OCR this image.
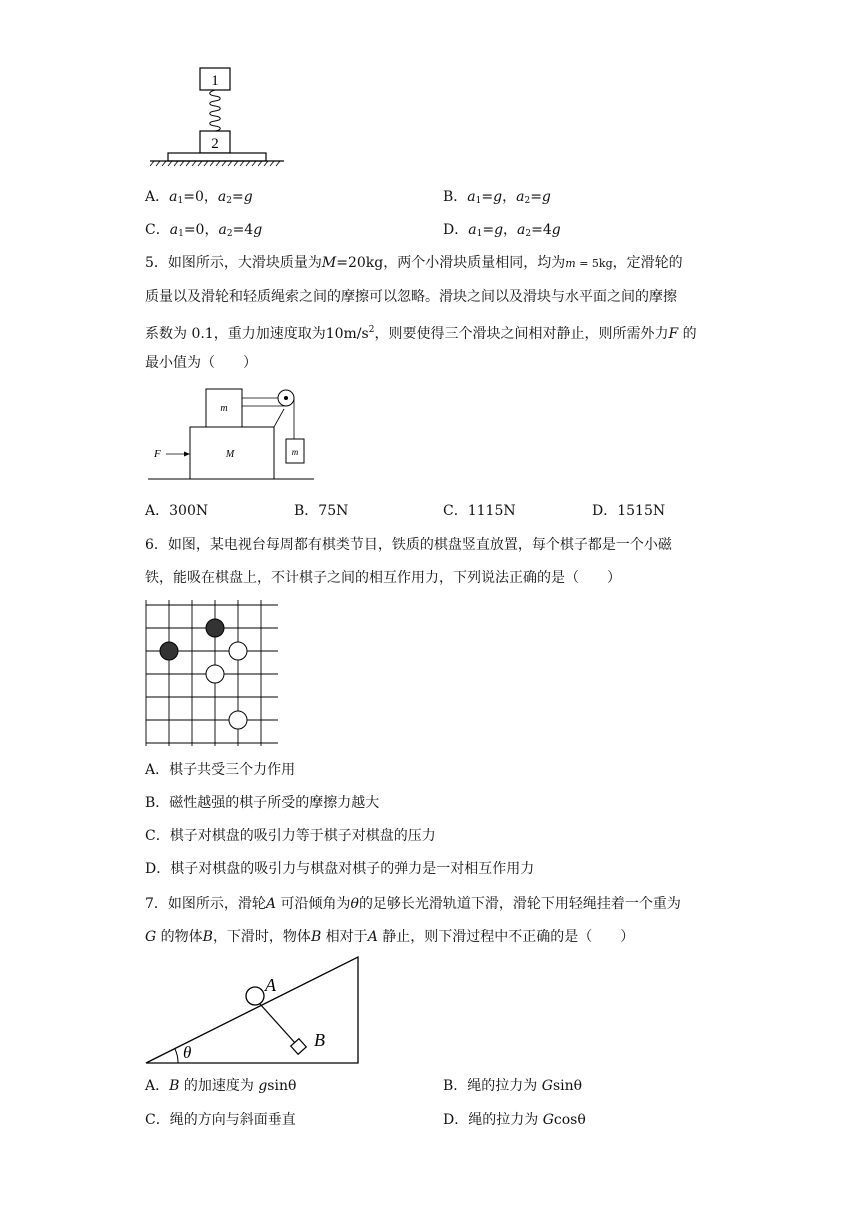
1
2
A．$a_1=0$，$a_2=g$	B．$a_1=g$，$a_2=g$
C．$a_1=0$，$a_2=4g$	D．$a_1=g$，$a_2=4g$
5．如图所示，大滑块质量为M=20kg，两个小滑块质量相同，均为m = 5kg，定滑轮的
质量以及滑轮和轻质绳索之间的摩擦可以忽略。滑块之间以及滑块与水平面之间的摩擦
系数为 0.1，重力加速度取为$10m/s^2$，则要使得三个滑块之间相对静止，则所需外力F 的
最小值为（　　）
m
M	m
F
A．300N	B．75N	C．1115N	D．1515N
6．如图，某电视台每周都有棋类节目，铁质的棋盘竖直放置，每个棋子都是一个小磁
铁，能吸在棋盘上，不计棋子之间的相互作用力，下列说法正确的是（　　）
A．棋子共受三个力作用
B．磁性越强的棋子所受的摩擦力越大
C．棋子对棋盘的吸引力等于棋子对棋盘的压力
D．棋子对棋盘的吸引力与棋盘对棋子的弹力是一对相互作用力
7．如图所示，滑轮A 可沿倾角为θ的足够长光滑轨道下滑，滑轮下用轻绳挂着一个重为
G 的物体B，下滑时，物体B 相对于A 静止，则下滑过程中不正确的是（　　）
θ
A
B
A．B 的加速度为 gsinθ	B．绳的拉力为 Gsinθ
C．绳的方向与斜面垂直	D．绳的拉力为 Gcosθ
